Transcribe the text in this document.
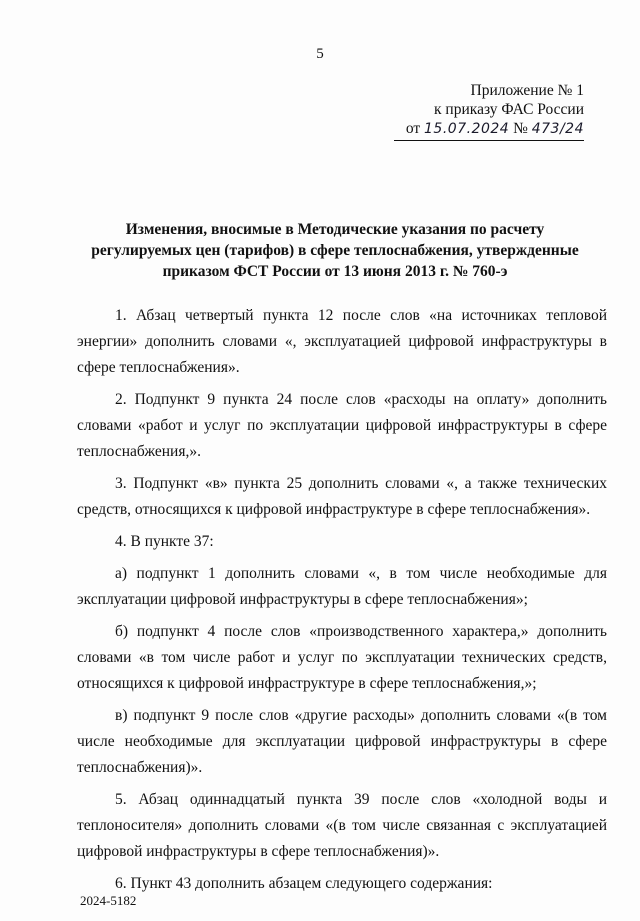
5
Приложение № 1
к приказу ФАС России
от 15.07.2024 № 473/24
Изменения, вносимые в Методические указания по расчету регулируемых цен (тарифов) в сфере теплоснабжения, утвержденные приказом ФСТ России от 13 июня 2013 г. № 760-э

1. Абзац четвертый пункта 12 после слов «на источниках тепловой энергии» дополнить словами «, эксплуатацией цифровой инфраструктуры в сфере теплоснабжения».

2. Подпункт 9 пункта 24 после слов «расходы на оплату» дополнить словами «работ и услуг по эксплуатации цифровой инфраструктуры в сфере теплоснабжения,».

3. Подпункт «в» пункта 25 дополнить словами «, а также технических средств, относящихся к цифровой инфраструктуре в сфере теплоснабжения».

4. В пункте 37:

а) подпункт 1 дополнить словами «, в том числе необходимые для эксплуатации цифровой инфраструктуры в сфере теплоснабжения»;

б) подпункт 4 после слов «производственного характера,» дополнить словами «в том числе работ и услуг по эксплуатации технических средств, относящихся к цифровой инфраструктуре в сфере теплоснабжения,»;

в) подпункт 9 после слов «другие расходы» дополнить словами «(в том числе необходимые для эксплуатации цифровой инфраструктуры в сфере теплоснабжения)».

5. Абзац одиннадцатый пункта 39 после слов «холодной воды и теплоносителя» дополнить словами «(в том числе связанная с эксплуатацией цифровой инфраструктуры в сфере теплоснабжения)».

6. Пункт 43 дополнить абзацем следующего содержания:

2024-5182
